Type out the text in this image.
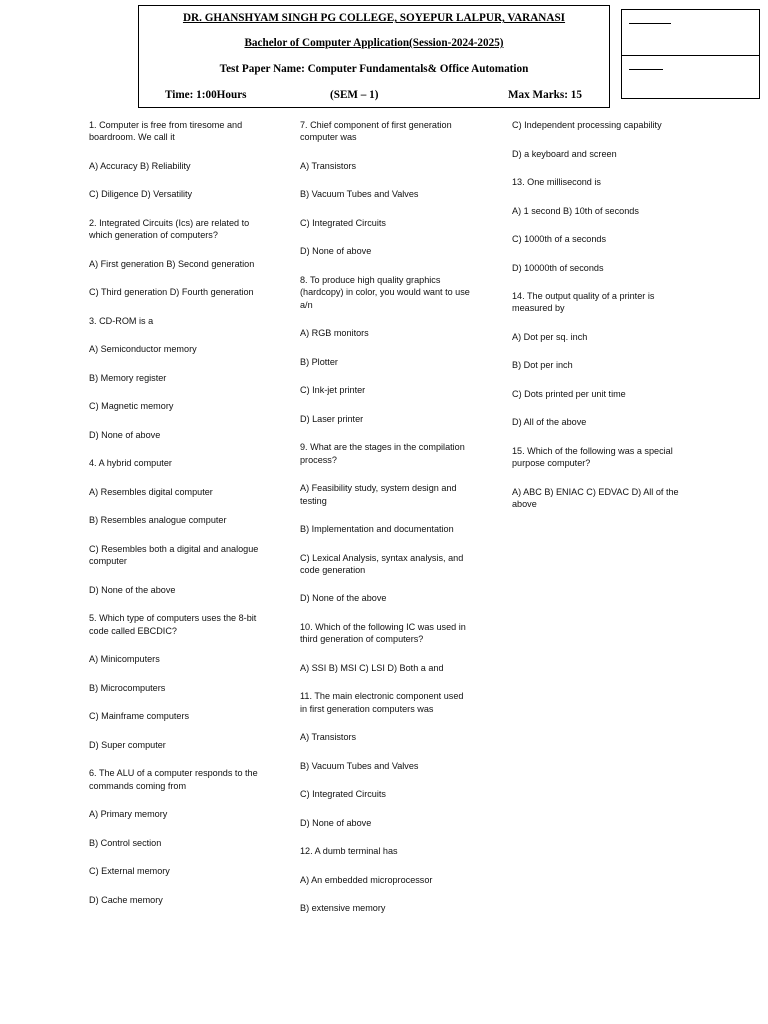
DR. GHANSHYAM SINGH PG COLLEGE, SOYEPUR LALPUR, VARANASI
Bachelor of Computer Application(Session-2024-2025)
Test Paper Name: Computer Fundamentals& Office Automation
Time: 1:00Hours	(SEM – 1)	Max Marks: 15
1. Computer is free from tiresome and boardroom. We call it
A) Accuracy B) Reliability
C) Diligence D) Versatility
2. Integrated Circuits (Ics) are related to which generation of computers?
A) First generation B) Second generation
C) Third generation D) Fourth generation
3. CD-ROM is a
A) Semiconductor memory
B) Memory register
C) Magnetic memory
D) None of above
4. A hybrid computer
A) Resembles digital computer
B) Resembles analogue computer
C) Resembles both a digital and analogue computer
D) None of the above
5. Which type of computers uses the 8-bit code called EBCDIC?
A) Minicomputers
B) Microcomputers
C) Mainframe computers
D) Super computer
6. The ALU of a computer responds to the commands coming from
A) Primary memory
B) Control section
C) External memory
D) Cache memory
7. Chief component of first generation computer was
A) Transistors
B) Vacuum Tubes and Valves
C) Integrated Circuits
D) None of above
8. To produce high quality graphics (hardcopy) in color, you would want to use a/n
A) RGB monitors
B) Plotter
C) Ink-jet printer
D) Laser printer
9. What are the stages in the compilation process?
A) Feasibility study, system design and testing
B) Implementation and documentation
C) Lexical Analysis, syntax analysis, and code generation
D) None of the above
10. Which of the following IC was used in third generation of computers?
A) SSI B) MSI C) LSI D) Both a and
11. The main electronic component used in first generation computers was
A) Transistors
B) Vacuum Tubes and Valves
C) Integrated Circuits
D) None of above
12. A dumb terminal has
A) An embedded microprocessor
B) extensive memory
C) Independent processing capability
D) a keyboard and screen
13. One millisecond is
A) 1 second B) 10th of seconds
C) 1000th of a seconds
D) 10000th of seconds
14. The output quality of a printer is measured by
A) Dot per sq. inch
B) Dot per inch
C) Dots printed per unit time
D) All of the above
15. Which of the following was a special purpose computer?
A) ABC B) ENIAC C) EDVAC D) All of the above
